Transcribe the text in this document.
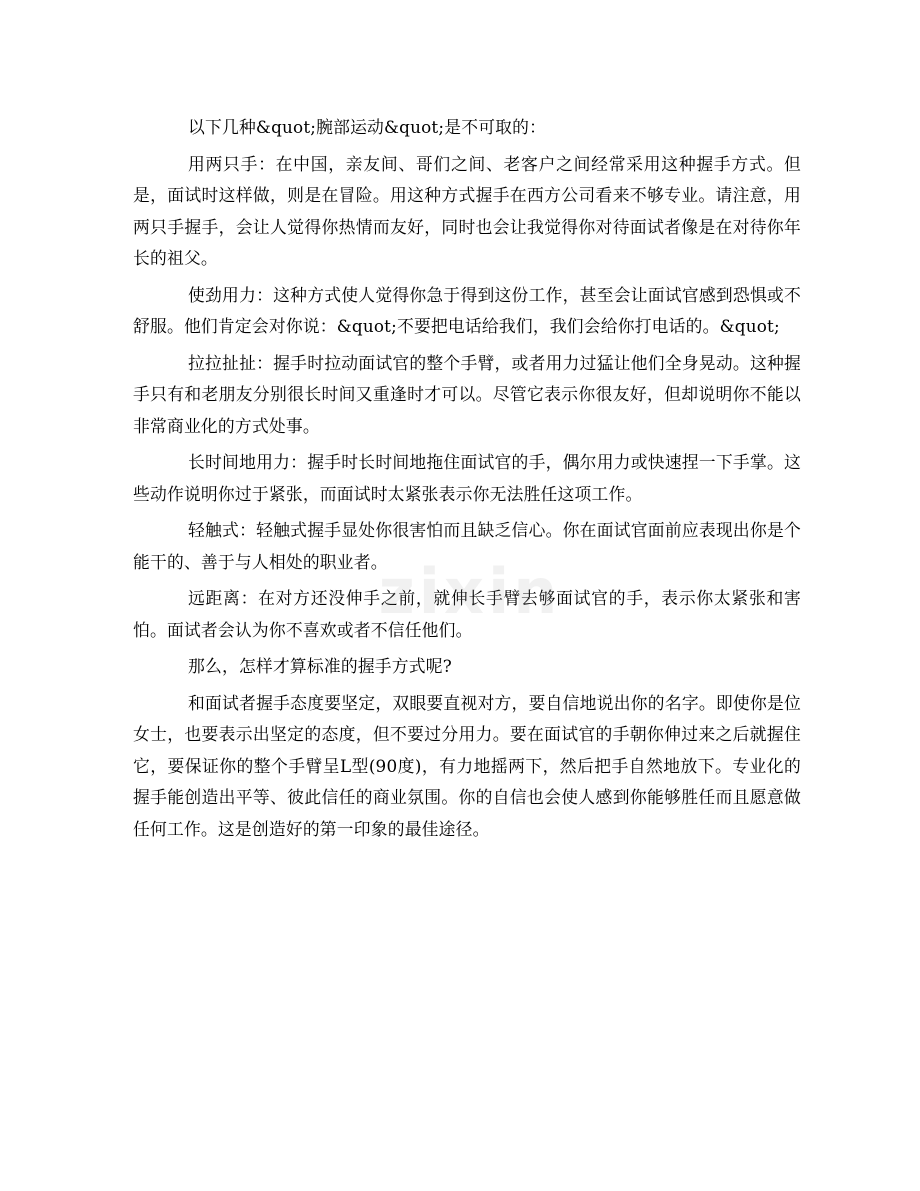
以下几种&quot;腕部运动&quot;是不可取的：

用两只手：在中国，亲友间、哥们之间、老客户之间经常采用这种握手方式。但是，面试时这样做，则是在冒险。用这种方式握手在西方公司看来不够专业。请注意，用两只手握手，会让人觉得你热情而友好，同时也会让我觉得你对待面试者像是在对待你年长的祖父。

使劲用力：这种方式使人觉得你急于得到这份工作，甚至会让面试官感到恐惧或不舒服。他们肯定会对你说：&quot;不要把电话给我们，我们会给你打电话的。&quot;

拉拉扯扯：握手时拉动面试官的整个手臂，或者用力过猛让他们全身晃动。这种握手只有和老朋友分别很长时间又重逢时才可以。尽管它表示你很友好，但却说明你不能以非常商业化的方式处事。

长时间地用力：握手时长时间地拖住面试官的手，偶尔用力或快速捏一下手掌。这些动作说明你过于紧张，而面试时太紧张表示你无法胜任这项工作。

轻触式：轻触式握手显处你很害怕而且缺乏信心。你在面试官面前应表现出你是个能干的、善于与人相处的职业者。

远距离：在对方还没伸手之前，就伸长手臂去够面试官的手，表示你太紧张和害怕。面试者会认为你不喜欢或者不信任他们。

那么，怎样才算标准的握手方式呢?

和面试者握手态度要坚定，双眼要直视对方，要自信地说出你的名字。即使你是位女士，也要表示出坚定的态度，但不要过分用力。要在面试官的手朝你伸过来之后就握住它，要保证你的整个手臂呈L型(90度)，有力地摇两下，然后把手自然地放下。专业化的握手能创造出平等、彼此信任的商业氛围。你的自信也会使人感到你能够胜任而且愿意做任何工作。这是创造好的第一印象的最佳途径。

zixin
